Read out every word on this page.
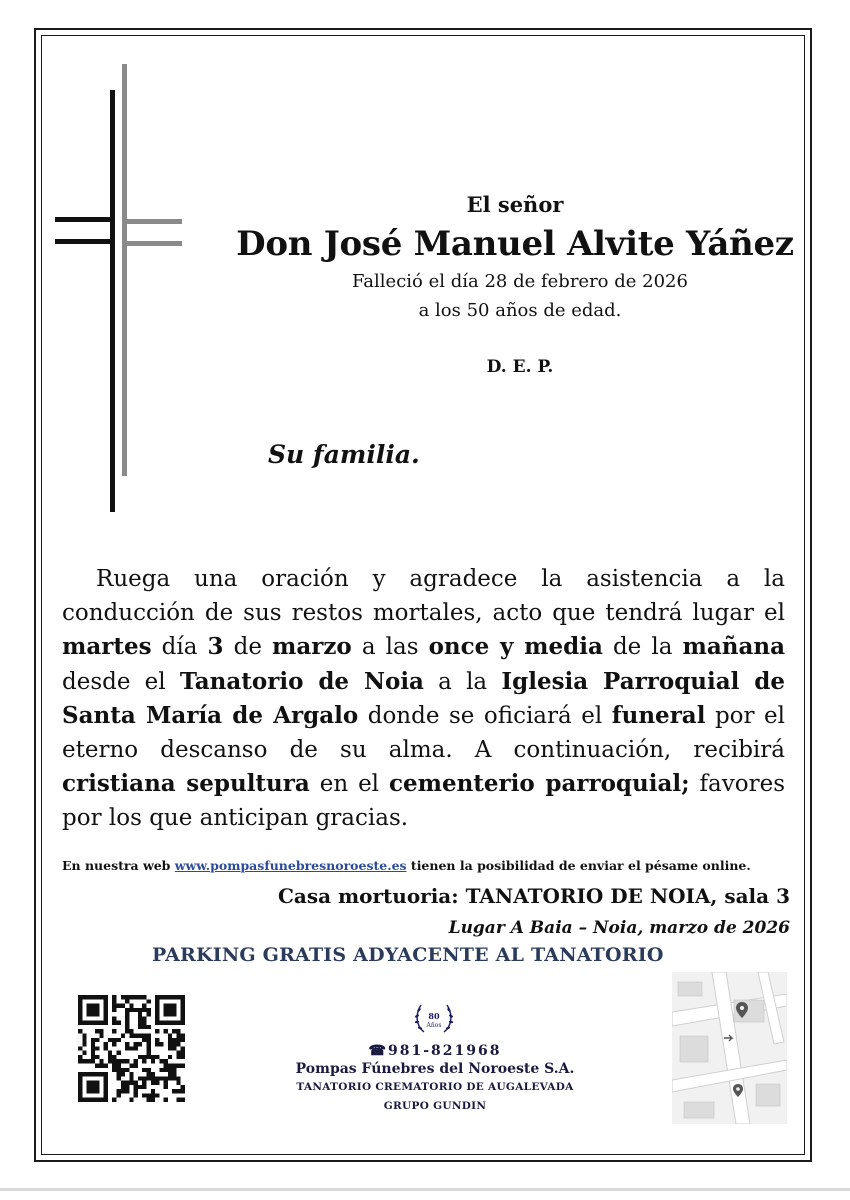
El señor
Don José Manuel Alvite Yáñez
Falleció el día 28 de febrero de 2026
a los 50 años de edad.
D. E. P.
Su familia.
Ruega una oración y agradece la asistencia a la
conducción de sus restos mortales, acto que tendrá lugar el
martes día 3 de marzo a las once y media de la mañana
desde el Tanatorio de Noia a la Iglesia Parroquial de
Santa María de Argalo donde se oficiará el funeral por el
eterno descanso de su alma. A continuación, recibirá
cristiana sepultura en el cementerio parroquial; favores
por los que anticipan gracias.
En nuestra web www.pompasfunebresnoroeste.es tienen la posibilidad de enviar el pésame online.
Casa mortuoria: TANATORIO DE NOIA, sala 3
Lugar A Baia – Noia, marzo de 2026
PARKING GRATIS ADYACENTE AL TANATORIO
80
Años
☎981-821968
Pompas Fúnebres del Noroeste S.A.
TANATORIO CREMATORIO DE AUGALEVADA
GRUPO GUNDIN
